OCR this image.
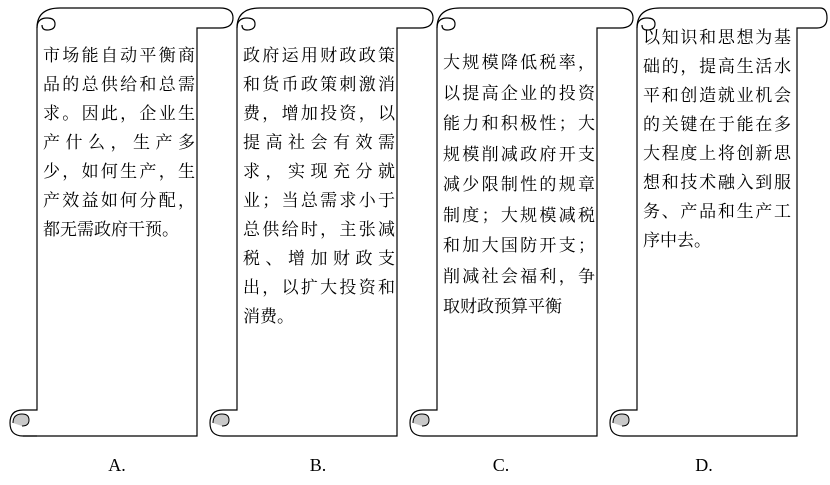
市场能自动平衡商品的总供给和总需求。因此，企业生产什么，生产多少，如何生产，生产效益如何分配，都无需政府干预。
政府运用财政政策和货币政策刺激消费，增加投资，以提高社会有效需求，实现充分就业；当总需求小于总供给时，主张减税、增加财政支出，以扩大投资和消费。
大规模降低税率，以提高企业的投资能力和积极性；大规模削减政府开支减少限制性的规章制度；大规模减税和加大国防开支；削减社会福利，争取财政预算平衡
以知识和思想为基础的，提高生活水平和创造就业机会的关键在于能在多大程度上将创新思想和技术融入到服务、产品和生产工序中去。
A.	B.	C.	D.
